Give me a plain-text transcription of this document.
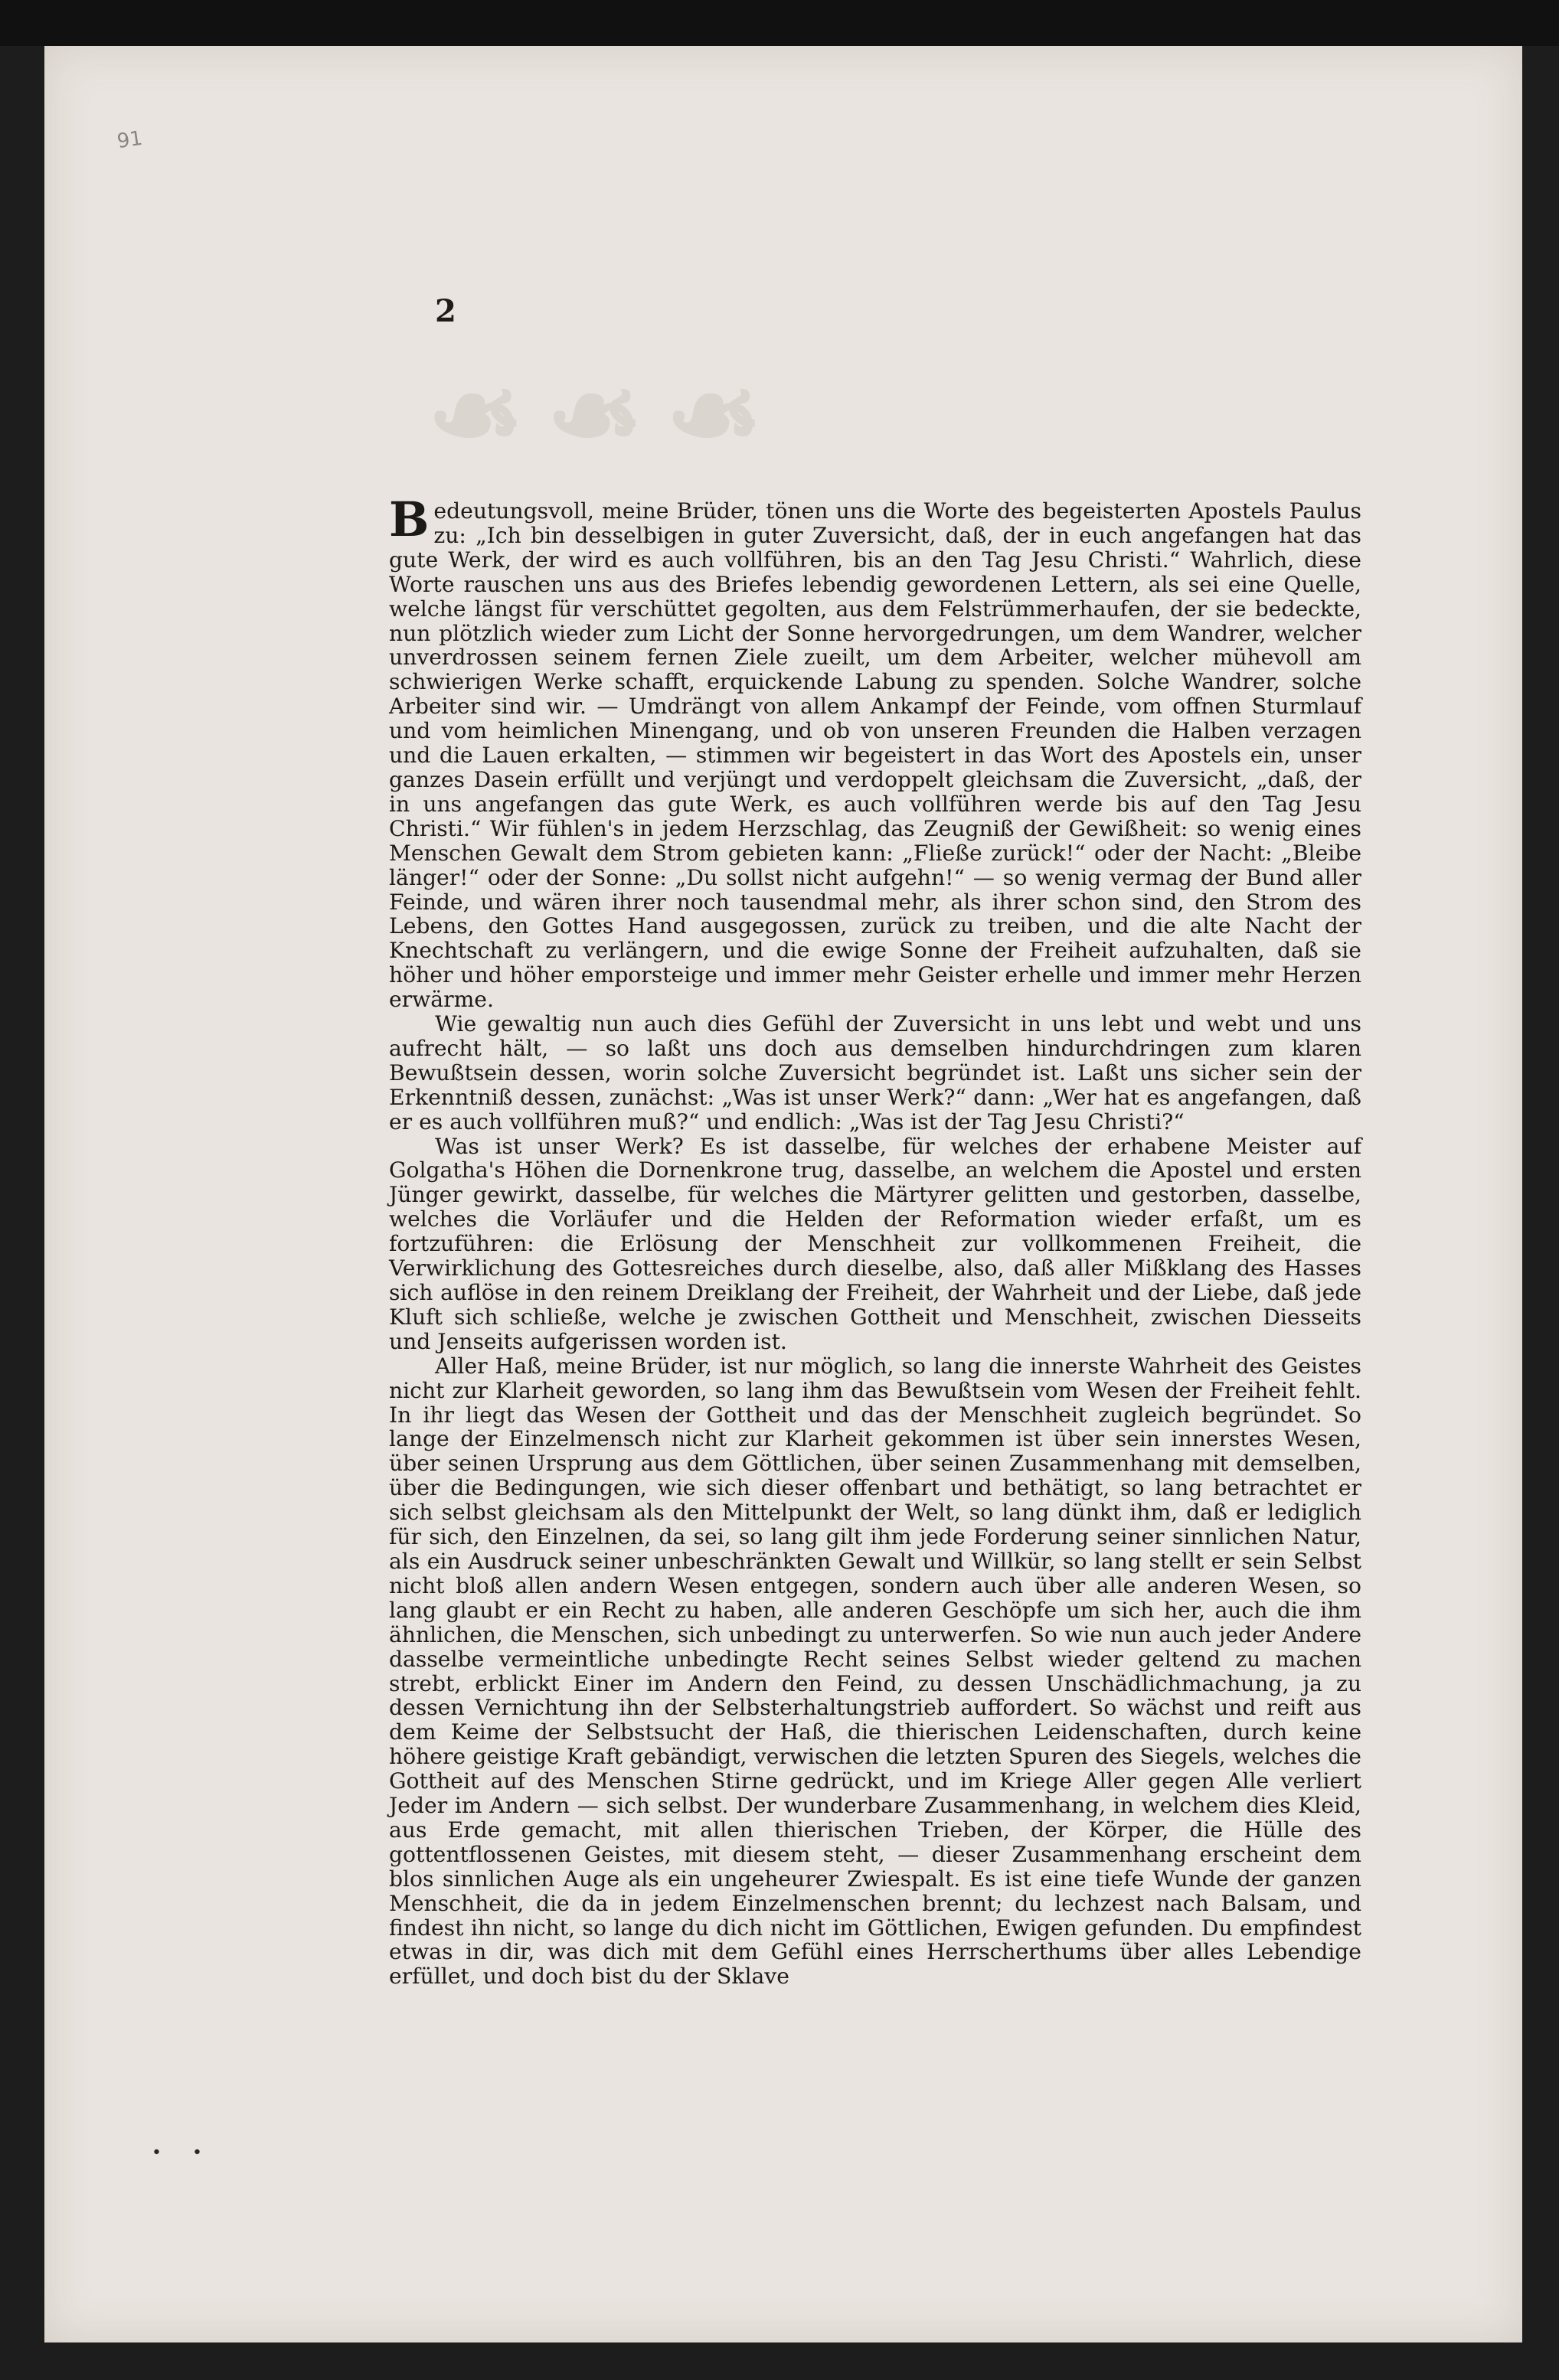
91
2
❧❧❧
••

Bedeutungsvoll, meine Brüder, tönen uns die Worte des begeisterten Apostels Paulus zu: „Ich bin desselbigen in guter Zuversicht, daß, der in euch angefangen hat das gute Werk, der wird es auch vollführen, bis an den Tag Jesu Christi.“ Wahrlich, diese Worte rauschen uns aus des Briefes lebendig gewordenen Lettern, als sei eine Quelle, welche längst für verschüttet gegolten, aus dem Felstrümmerhaufen, der sie bedeckte, nun plötzlich wieder zum Licht der Sonne hervorgedrungen, um dem Wandrer, welcher unverdrossen seinem fernen Ziele zueilt, um dem Arbeiter, welcher mühevoll am schwierigen Werke schafft, erquickende Labung zu spenden. Solche Wandrer, solche Arbeiter sind wir. — Umdrängt von allem Ankampf der Feinde, vom offnen Sturmlauf und vom heimlichen Minengang, und ob von unseren Freunden die Halben verzagen und die Lauen erkalten, — stimmen wir begeistert in das Wort des Apostels ein, unser ganzes Dasein erfüllt und verjüngt und verdoppelt gleichsam die Zuversicht, „daß, der in uns angefangen das gute Werk, es auch vollführen werde bis auf den Tag Jesu Christi.“ Wir fühlen's in jedem Herzschlag, das Zeugniß der Gewißheit: so wenig eines Menschen Gewalt dem Strom gebieten kann: „Fließe zurück!“ oder der Nacht: „Bleibe länger!“ oder der Sonne: „Du sollst nicht aufgehn!“ — so wenig vermag der Bund aller Feinde, und wären ihrer noch tausendmal mehr, als ihrer schon sind, den Strom des Lebens, den Gottes Hand ausgegossen, zurück zu treiben, und die alte Nacht der Knechtschaft zu verlängern, und die ewige Sonne der Freiheit aufzuhalten, daß sie höher und höher emporsteige und immer mehr Geister erhelle und immer mehr Herzen erwärme.

Wie gewaltig nun auch dies Gefühl der Zuversicht in uns lebt und webt und uns aufrecht hält, — so laßt uns doch aus demselben hindurchdringen zum klaren Bewußtsein dessen, worin solche Zuversicht begründet ist. Laßt uns sicher sein der Erkenntniß dessen, zunächst: „Was ist unser Werk?“ dann: „Wer hat es angefangen, daß er es auch vollführen muß?“ und endlich: „Was ist der Tag Jesu Christi?“

Was ist unser Werk? Es ist dasselbe, für welches der erhabene Meister auf Golgatha's Höhen die Dornenkrone trug, dasselbe, an welchem die Apostel und ersten Jünger gewirkt, dasselbe, für welches die Märtyrer gelitten und gestorben, dasselbe, welches die Vorläufer und die Helden der Reformation wieder erfaßt, um es fortzuführen: die Erlösung der Menschheit zur vollkommenen Freiheit, die Verwirklichung des Gottesreiches durch dieselbe, also, daß aller Mißklang des Hasses sich auflöse in den reinem Dreiklang der Freiheit, der Wahrheit und der Liebe, daß jede Kluft sich schließe, welche je zwischen Gottheit und Menschheit, zwischen Diesseits und Jenseits aufgerissen worden ist.

Aller Haß, meine Brüder, ist nur möglich, so lang die innerste Wahrheit des Geistes nicht zur Klarheit geworden, so lang ihm das Bewußtsein vom Wesen der Freiheit fehlt. In ihr liegt das Wesen der Gottheit und das der Menschheit zugleich begründet. So lange der Einzelmensch nicht zur Klarheit gekommen ist über sein innerstes Wesen, über seinen Ursprung aus dem Göttlichen, über seinen Zusammenhang mit demselben, über die Bedingungen, wie sich dieser offenbart und bethätigt, so lang betrachtet er sich selbst gleichsam als den Mittelpunkt der Welt, so lang dünkt ihm, daß er lediglich für sich, den Einzelnen, da sei, so lang gilt ihm jede Forderung seiner sinnlichen Natur, als ein Ausdruck seiner unbeschränkten Gewalt und Willkür, so lang stellt er sein Selbst nicht bloß allen andern Wesen entgegen, sondern auch über alle anderen Wesen, so lang glaubt er ein Recht zu haben, alle anderen Geschöpfe um sich her, auch die ihm ähnlichen, die Menschen, sich unbedingt zu unterwerfen. So wie nun auch jeder Andere dasselbe vermeintliche unbedingte Recht seines Selbst wieder geltend zu machen strebt, erblickt Einer im Andern den Feind, zu dessen Unschädlichmachung, ja zu dessen Vernichtung ihn der Selbsterhaltungstrieb auffordert. So wächst und reift aus dem Keime der Selbstsucht der Haß, die thierischen Leidenschaften, durch keine höhere geistige Kraft gebändigt, verwischen die letzten Spuren des Siegels, welches die Gottheit auf des Menschen Stirne gedrückt, und im Kriege Aller gegen Alle verliert Jeder im Andern — sich selbst. Der wunderbare Zusammenhang, in welchem dies Kleid, aus Erde gemacht, mit allen thierischen Trieben, der Körper, die Hülle des gottentflossenen Geistes, mit diesem steht, — dieser Zusammenhang erscheint dem blos sinnlichen Auge als ein ungeheurer Zwiespalt. Es ist eine tiefe Wunde der ganzen Menschheit, die da in jedem Einzelmenschen brennt; du lechzest nach Balsam, und findest ihn nicht, so lange du dich nicht im Göttlichen, Ewigen gefunden. Du empfindest etwas in dir, was dich mit dem Gefühl eines Herrscherthums über alles Lebendige erfüllet, und doch bist du der Sklave
